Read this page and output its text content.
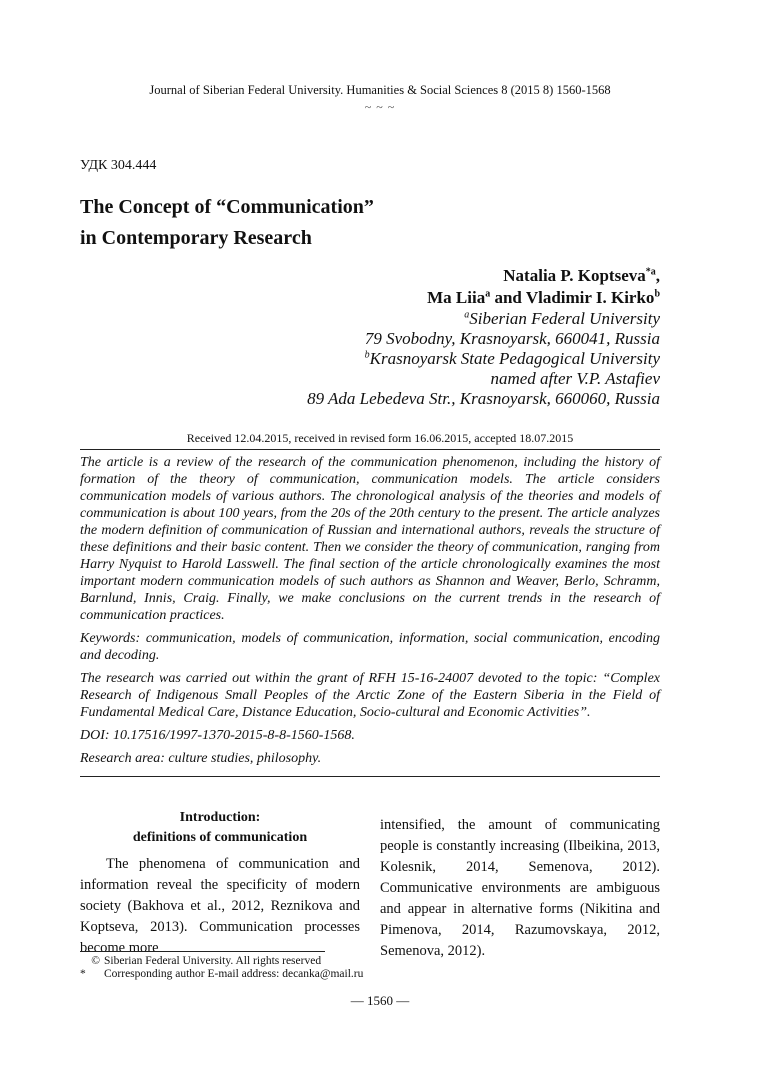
Journal of Siberian Federal University. Humanities & Social Sciences 8 (2015 8) 1560-1568
~ ~ ~
УДК 304.444
The Concept of “Communication”
in Contemporary Research
Natalia P. Koptseva$^{*a}$,
Ma Liia$^a$ and Vladimir I. Kirko$^b$
$^a$Siberian Federal University
79 Svobodny, Krasnoyarsk, 660041, Russia
$^b$Krasnoyarsk State Pedagogical University
named after V.P. Astafiev
89 Ada Lebedeva Str., Krasnoyarsk, 660060, Russia
Received 12.04.2015, received in revised form 16.06.2015, accepted 18.07.2015

The article is a review of the research of the communication phenomenon, including the history of formation of the theory of communication, communication models. The article considers communication models of various authors. The chronological analysis of the theories and models of communication is about 100 years, from the 20s of the 20th century to the present. The article analyzes the modern definition of communication of Russian and international authors, reveals the structure of these definitions and their basic content. Then we consider the theory of communication, ranging from Harry Nyquist to Harold Lasswell. The final section of the article chronologically examines the most important modern communication models of such authors as Shannon and Weaver, Berlo, Schramm, Barnlund, Innis, Craig. Finally, we make conclusions on the current trends in the research of communication practices.

Keywords: communication, models of communication, information, social communication, encoding and decoding.

The research was carried out within the grant of RFH 15-16-24007 devoted to the topic: “Complex Research of Indigenous Small Peoples of the Arctic Zone of the Eastern Siberia in the Field of Fundamental Medical Care, Distance Education, Socio-cultural and Economic Activities”.

DOI: 10.17516/1997-1370-2015-8-8-1560-1568.

Research area: culture studies, philosophy.

Introduction:
definitions of communication

The phenomena of communication and information reveal the specificity of modern society (Bakhova et al., 2012, Reznikova and Koptseva, 2013). Communication processes become more

intensified, the amount of communicating people is constantly increasing (Ilbeikina, 2013, Kolesnik, 2014, Semenova, 2012). Communicative environments are ambiguous and appear in alternative forms (Nikitina and Pimenova, 2014, Razumovskaya, 2012, Semenova, 2012).

© Siberian Federal University. All rights reserved
* Corresponding author E-mail address: decanka@mail.ru
― 1560 ―
